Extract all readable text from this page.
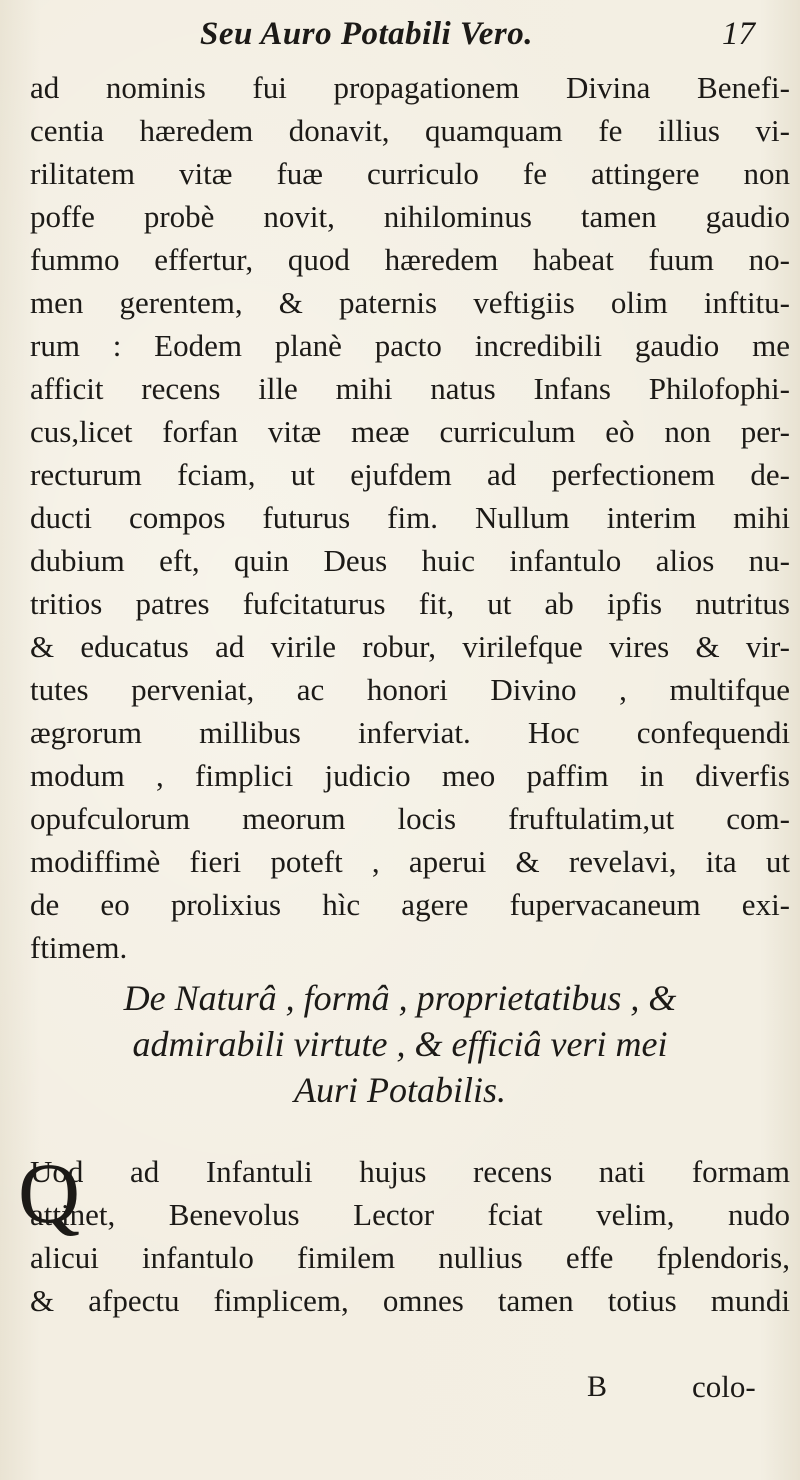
Seu Auro Potabili Vero.	17
ad nominis fui propagationem Divina Benefi-
centia hæredem donavit, quamquam fe illius vi-
rilitatem vitæ fuæ curriculo fe attingere non
poffe probè novit, nihilominus tamen gaudio
fummo effertur, quod hæredem habeat fuum no-
men gerentem, & paternis veftigiis olim inftitu-
rum : Eodem planè pacto incredibili gaudio me
afficit recens ille mihi natus Infans Philofophi-
cus,licet forfan vitæ meæ curriculum eò non per-
recturum fciam, ut ejufdem ad perfectionem de-
ducti compos futurus fim. Nullum interim mihi
dubium eft, quin Deus huic infantulo alios nu-
tritios patres fufcitaturus fit, ut ab ipfis nutritus
& educatus ad virile robur, virilefque vires & vir-
tutes perveniat, ac honori Divino , multifque
ægrorum millibus inferviat. Hoc confequendi
modum , fimplici judicio meo paffim in diverfis
opufculorum meorum locis fruftulatim,ut com-
modiffimè fieri poteft , aperui & revelavi, ita ut
de eo prolixius hìc agere fupervacaneum exi-
ftimem.
De Naturâ , formâ , proprietatibus , &
admirabili virtute , & efficiâ veri mei
Auri Potabilis.
Q
Uod ad Infantuli hujus recens nati formam
attinet, Benevolus Lector fciat velim, nudo
alicui infantulo fimilem nullius effe fplendoris,
& afpectu fimplicem, omnes tamen totius mundi
B	colo-
